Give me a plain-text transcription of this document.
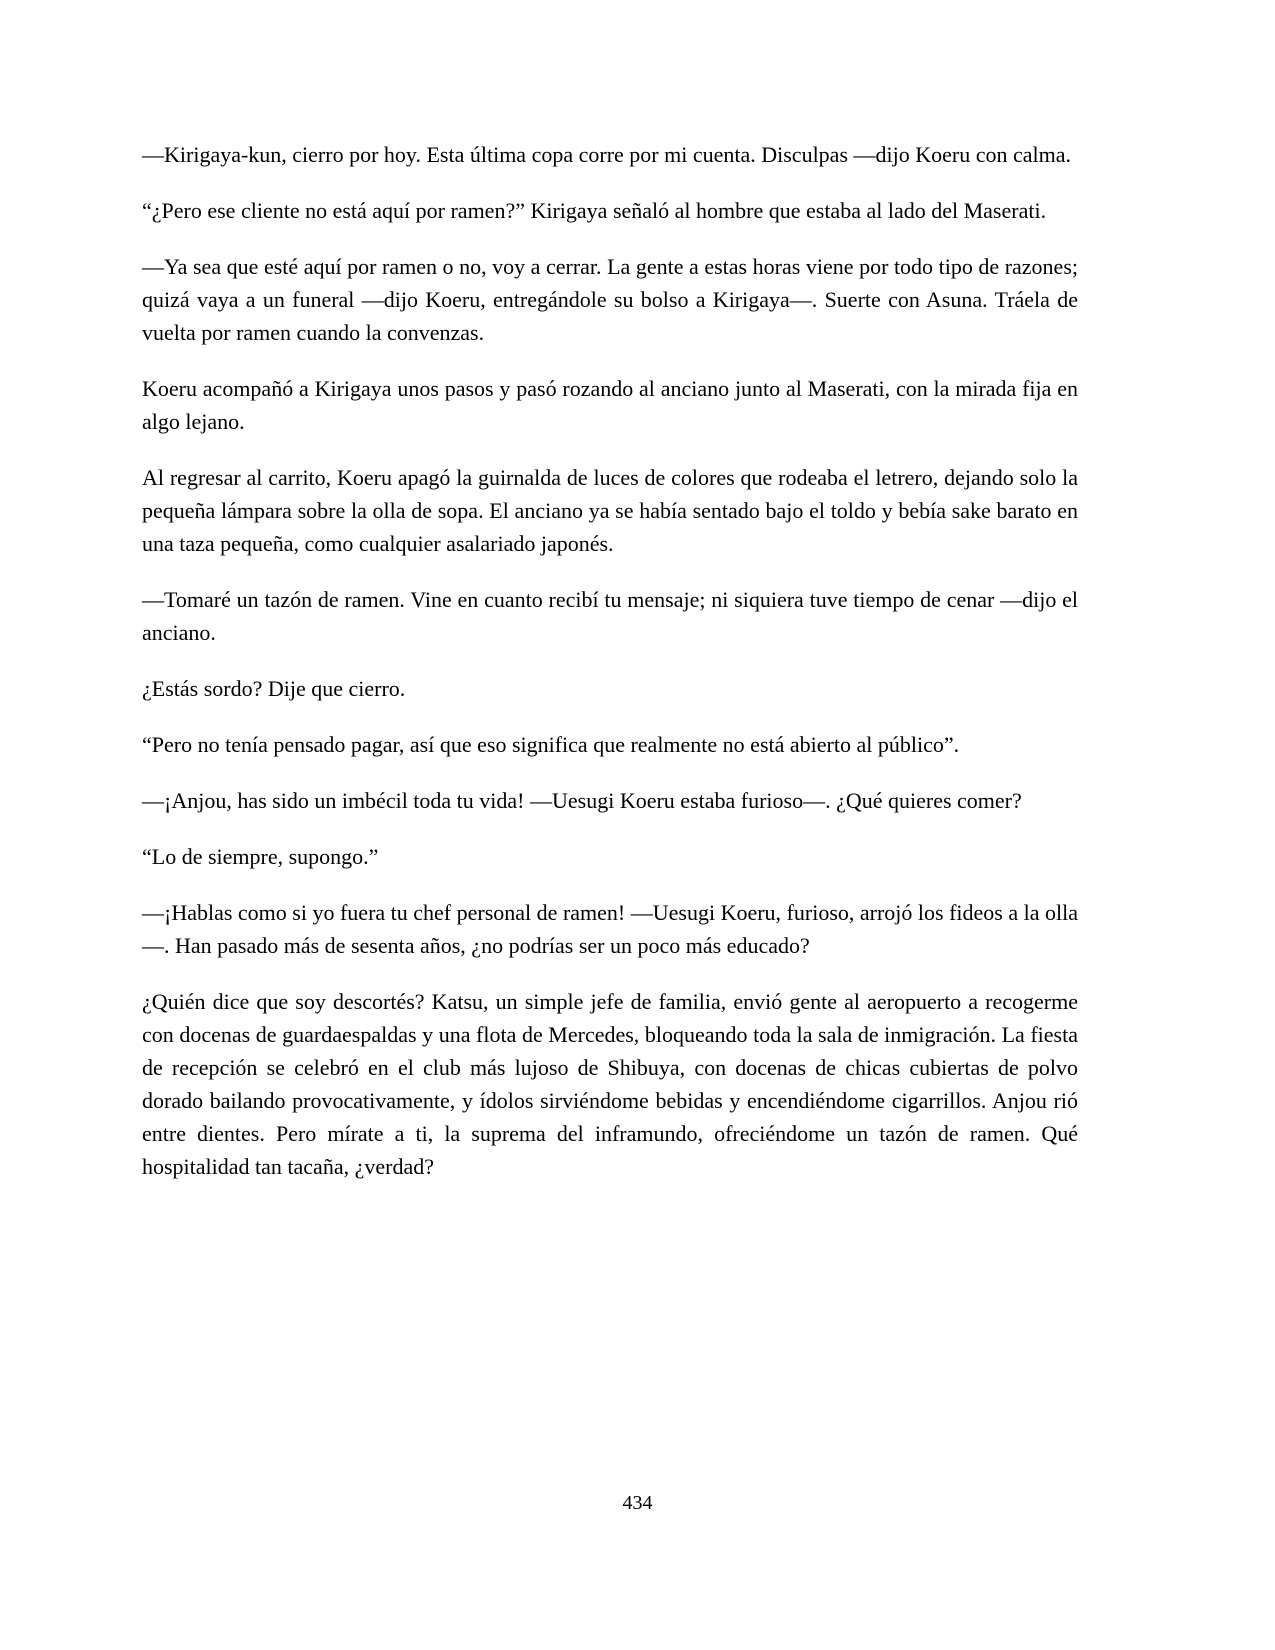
—Kirigaya-kun, cierro por hoy. Esta última copa corre por mi cuenta. Disculpas —dijo Koeru con calma.

“¿Pero ese cliente no está aquí por ramen?” Kirigaya señaló al hombre que estaba al lado del Maserati.

—Ya sea que esté aquí por ramen o no, voy a cerrar. La gente a estas horas viene por todo tipo de razones; quizá vaya a un funeral —dijo Koeru, entregándole su bolso a Kirigaya—. Suerte con Asuna. Tráela de vuelta por ramen cuando la convenzas.

Koeru acompañó a Kirigaya unos pasos y pasó rozando al anciano junto al Maserati, con la mirada fija en algo lejano.

Al regresar al carrito, Koeru apagó la guirnalda de luces de colores que rodeaba el letrero, dejando solo la pequeña lámpara sobre la olla de sopa. El anciano ya se había sentado bajo el toldo y bebía sake barato en una taza pequeña, como cualquier asalariado japonés.

—Tomaré un tazón de ramen. Vine en cuanto recibí tu mensaje; ni siquiera tuve tiempo de cenar —dijo el anciano.

¿Estás sordo? Dije que cierro.

“Pero no tenía pensado pagar, así que eso significa que realmente no está abierto al público”.

—¡Anjou, has sido un imbécil toda tu vida! —Uesugi Koeru estaba furioso—. ¿Qué quieres comer?

“Lo de siempre, supongo.”

—¡Hablas como si yo fuera tu chef personal de ramen! —Uesugi Koeru, furioso, arrojó los fideos a la olla—. Han pasado más de sesenta años, ¿no podrías ser un poco más educado?

¿Quién dice que soy descortés? Katsu, un simple jefe de familia, envió gente al aeropuerto a recogerme con docenas de guardaespaldas y una flota de Mercedes, bloqueando toda la sala de inmigración. La fiesta de recepción se celebró en el club más lujoso de Shibuya, con docenas de chicas cubiertas de polvo dorado bailando provocativamente, y ídolos sirviéndome bebidas y encendiéndome cigarrillos. Anjou rió entre dientes. Pero mírate a ti, la suprema del inframundo, ofreciéndome un tazón de ramen. Qué hospitalidad tan tacaña, ¿verdad?

434
